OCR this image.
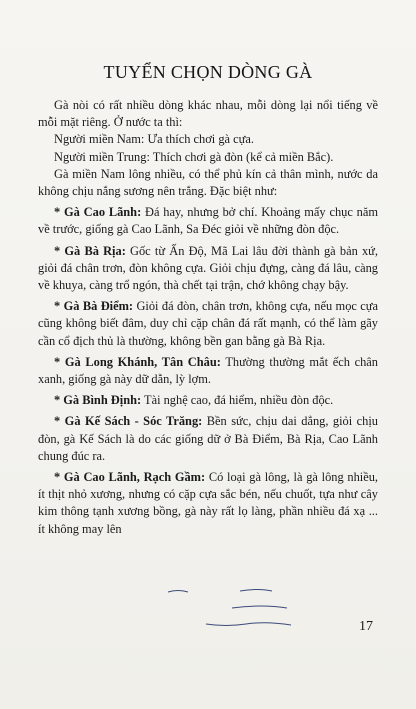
TUYỂN CHỌN DÒNG GÀ

Gà nòi có rất nhiều dòng khác nhau, mỗi dòng lại nổi tiếng về mỗi mặt riêng. Ở nước ta thì:

Người miền Nam: Ưa thích chơi gà cựa.

Người miền Trung: Thích chơi gà đòn (kể cả miền Bắc).

Gà miền Nam lông nhiều, có thể phủ kín cả thân mình, nước da không chịu nắng sương nên trắng. Đặc biệt như:

* Gà Cao Lãnh: Đá hay, nhưng bở chí. Khoảng mấy chục năm về trước, giống gà Cao Lãnh, Sa Đéc giỏi về những đòn độc.

* Gà Bà Rịa: Gốc từ Ấn Độ, Mã Lai lâu đời thành gà bản xứ, giỏi đá chân trơn, đòn không cựa. Giỏi chịu đựng, càng đá lâu, càng về khuya, càng trổ ngón, thà chết tại trận, chớ không chạy bậy.

* Gà Bà Điểm: Giỏi đá đòn, chân trơn, không cựa, nếu mọc cựa cũng không biết đâm, duy chỉ cặp chân đá rất mạnh, có thể làm gãy cần cổ địch thủ là thường, không bền gan bằng gà Bà Rịa.

* Gà Long Khánh, Tân Châu: Thường thường mắt ếch chân xanh, giống gà này dữ dằn, lỳ lợm.

* Gà Bình Định: Tài nghệ cao, đá hiểm, nhiều đòn độc.

* Gà Kế Sách - Sóc Trăng: Bền sức, chịu dai dẳng, giỏi chịu đòn, gà Kế Sách là do các giống dữ ở Bà Điểm, Bà Rịa, Cao Lãnh chung đúc ra.

* Gà Cao Lãnh, Rạch Gầm: Có loại gà lông, là gà lông nhiều, ít thịt nhỏ xương, nhưng có cặp cựa sắc bén, nếu chuốt, tựa như cây kim thông tạnh xương bồng, gà này rất lọ làng, phần nhiều đá xạ ... ít không may lên

17
